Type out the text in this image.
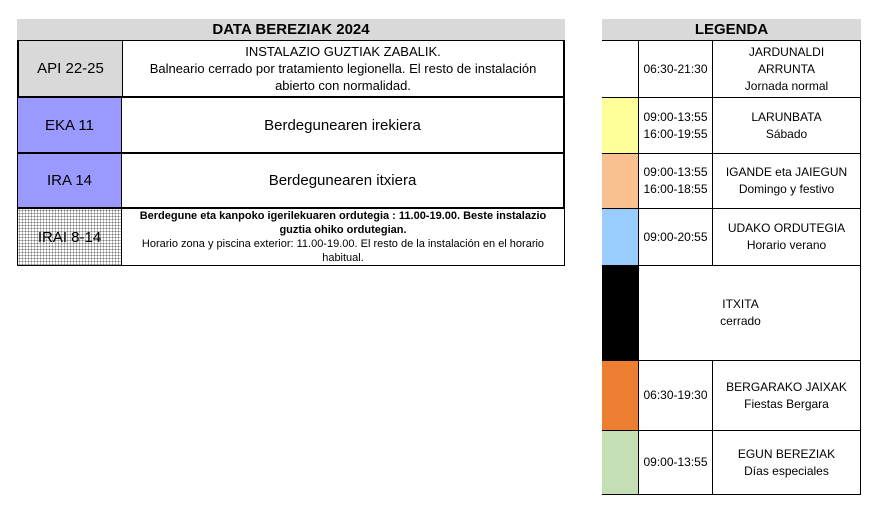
DATA BEREZIAK 2024
API 22-25
INSTALAZIO GUZTIAK ZABALIK.
Balneario cerrado por tratamiento legionella. El resto de instalación abierto con normalidad.
EKA 11	Berdegunearen irekiera
IRA 14	Berdegunearen itxiera
IRAI 8-14
Berdegune eta kanpoko igerilekuaren ordutegia : 11.00-19.00. Beste instalazio guztia ohiko ordutegian.
Horario zona y piscina exterior: 11.00-19.00. El resto de la instalación en el horario habitual.
LEGENDA
06:30-21:30
JARDUNALDI ARRUNTA
Jornada normal
09:00-13:55
16:00-19:55
LARUNBATA
Sábado
09:00-13:55
16:00-18:55
IGANDE eta JAIEGUN
Domingo y festivo
09:00-20:55
UDAKO ORDUTEGIA
Horario verano
ITXITA
cerrado
06:30-19:30
BERGARAKO JAIXAK
Fiestas Bergara
09:00-13:55
EGUN BEREZIAK
Días especiales
